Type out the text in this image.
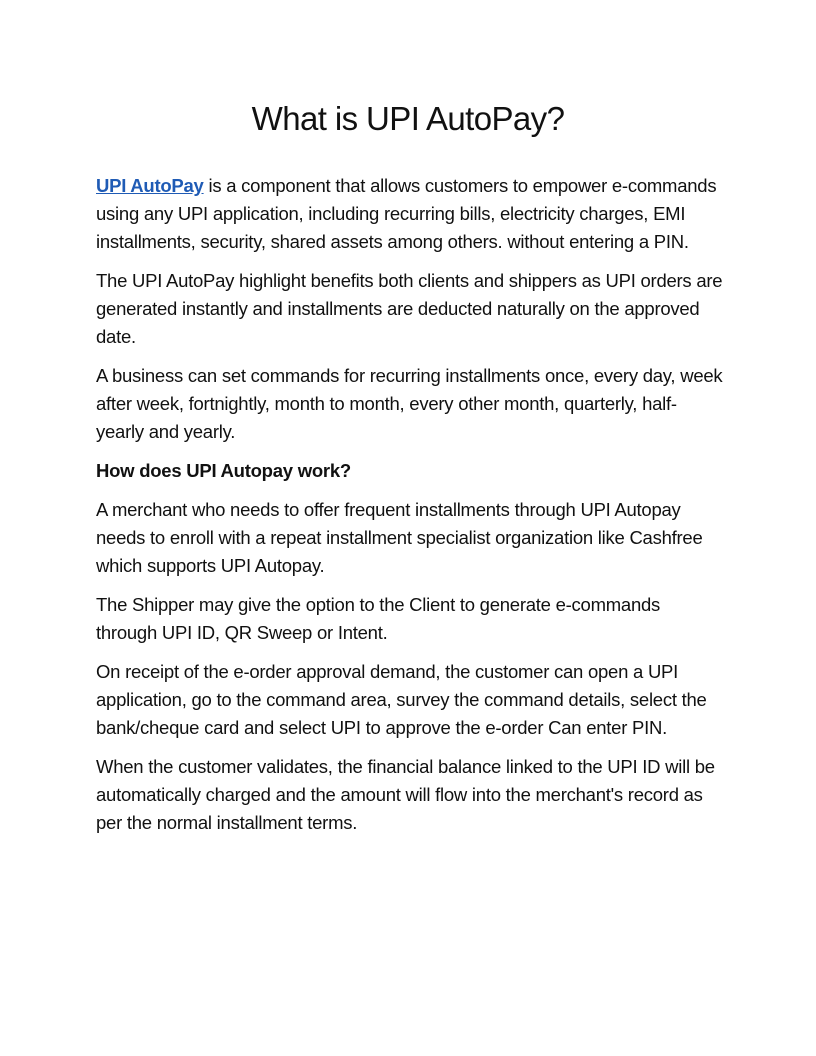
What is UPI AutoPay?

UPI AutoPay is a component that allows customers to empower e-commands using any UPI application, including recurring bills, electricity charges, EMI installments, security, shared assets among others. without entering a PIN.

The UPI AutoPay highlight benefits both clients and shippers as UPI orders are generated instantly and installments are deducted naturally on the approved date.

A business can set commands for recurring installments once, every day, week after week, fortnightly, month to month, every other month, quarterly, half-yearly and yearly.

How does UPI Autopay work?

A merchant who needs to offer frequent installments through UPI Autopay needs to enroll with a repeat installment specialist organization like Cashfree which supports UPI Autopay.

The Shipper may give the option to the Client to generate e-commands through UPI ID, QR Sweep or Intent.

On receipt of the e-order approval demand, the customer can open a UPI application, go to the command area, survey the command details, select the bank/cheque card and select UPI to approve the e-order Can enter PIN.

When the customer validates, the financial balance linked to the UPI ID will be automatically charged and the amount will flow into the merchant's record as per the normal installment terms.
